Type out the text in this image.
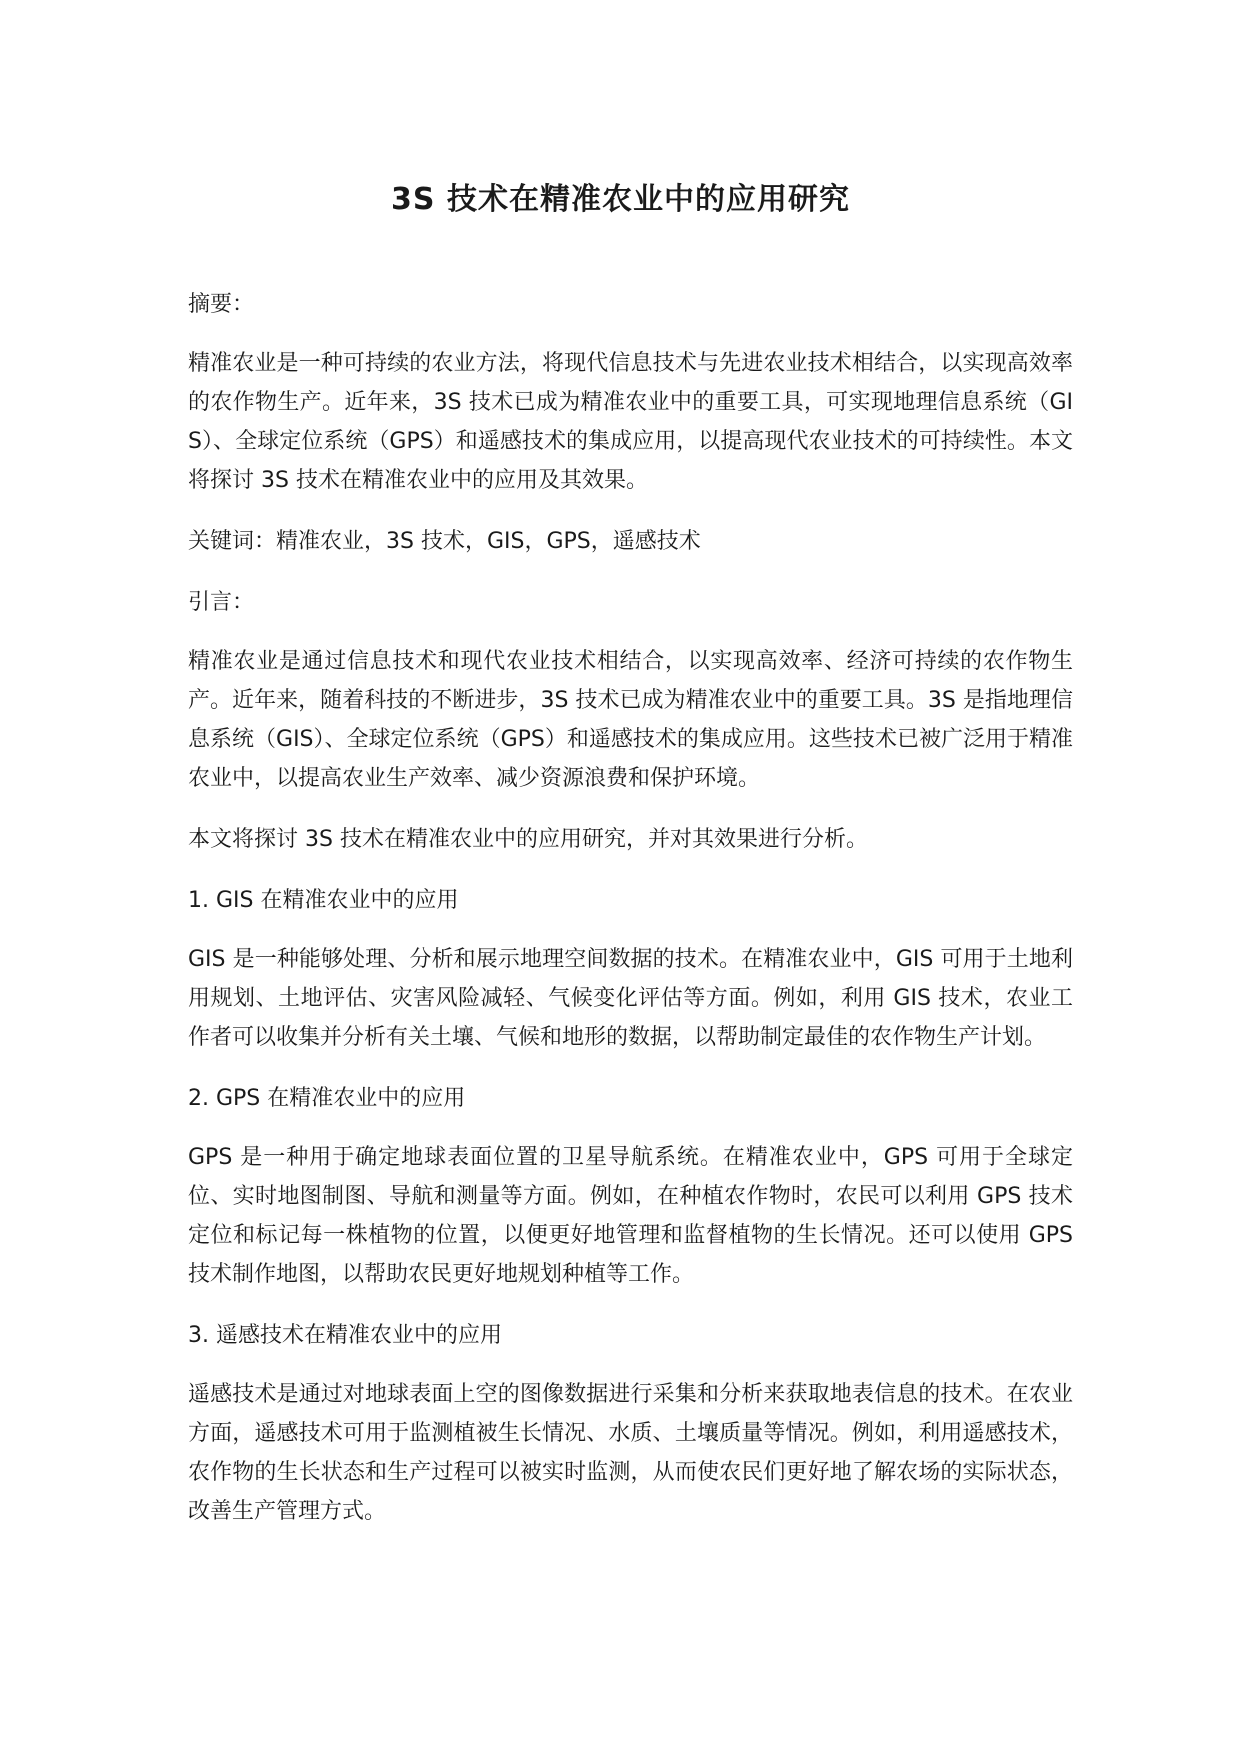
3S 技术在精准农业中的应用研究

摘要：

精准农业是一种可持续的农业方法，将现代信息技术与先进农业技术相结合，以实现高效率的农作物生产。近年来，3S 技术已成为精准农业中的重要工具，可实现地理信息系统（GIS）、全球定位系统（GPS）和遥感技术的集成应用，以提高现代农业技术的可持续性。本文将探讨 3S 技术在精准农业中的应用及其效果。

关键词：精准农业，3S 技术，GIS，GPS，遥感技术

引言：

精准农业是通过信息技术和现代农业技术相结合，以实现高效率、经济可持续的农作物生产。近年来，随着科技的不断进步，3S 技术已成为精准农业中的重要工具。3S 是指地理信息系统（GIS）、全球定位系统（GPS）和遥感技术的集成应用。这些技术已被广泛用于精准农业中，以提高农业生产效率、减少资源浪费和保护环境。

本文将探讨 3S 技术在精准农业中的应用研究，并对其效果进行分析。

1. GIS 在精准农业中的应用

GIS 是一种能够处理、分析和展示地理空间数据的技术。在精准农业中，GIS 可用于土地利用规划、土地评估、灾害风险减轻、气候变化评估等方面。例如，利用 GIS 技术，农业工作者可以收集并分析有关土壤、气候和地形的数据，以帮助制定最佳的农作物生产计划。

2. GPS 在精准农业中的应用

GPS 是一种用于确定地球表面位置的卫星导航系统。在精准农业中，GPS 可用于全球定位、实时地图制图、导航和测量等方面。例如，在种植农作物时，农民可以利用 GPS 技术定位和标记每一株植物的位置，以便更好地管理和监督植物的生长情况。还可以使用 GPS 技术制作地图，以帮助农民更好地规划种植等工作。

3. 遥感技术在精准农业中的应用

遥感技术是通过对地球表面上空的图像数据进行采集和分析来获取地表信息的技术。在农业方面，遥感技术可用于监测植被生长情况、水质、土壤质量等情况。例如，利用遥感技术，农作物的生长状态和生产过程可以被实时监测，从而使农民们更好地了解农场的实际状态，改善生产管理方式。
